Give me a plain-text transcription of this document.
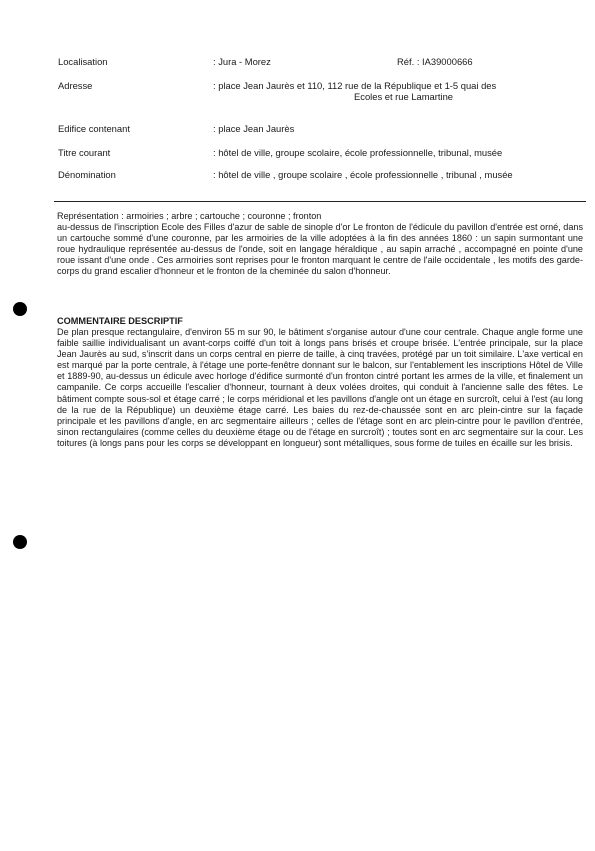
Localisation	: Jura - Morez	Réf. : IA39000666
Adresse	: place Jean Jaurès et 110, 112 rue de la République et 1-5 quai des
Ecoles et rue Lamartine
Edifice contenant	: place Jean Jaurès
Titre courant	: hôtel de ville, groupe scolaire, école professionnelle, tribunal, musée
Dénomination	: hôtel de ville , groupe scolaire , école professionnelle , tribunal , musée

Représentation : armoiries ; arbre ; cartouche ; couronne ; fronton

au-dessus de l'inscription Ecole des Filles d'azur de sable de sinople d'or Le fronton de l'édicule du pavillon d'entrée est orné, dans un cartouche sommé d'une couronne, par les armoiries de la ville adoptées à la fin des années 1860 : un sapin surmontant une roue hydraulique représentée au-dessus de l'onde, soit en langage héraldique , au sapin arraché , accompagné en pointe d'une roue issant d'une onde . Ces armoiries sont reprises pour le fronton marquant le centre de l'aile occidentale , les motifs des garde-corps du grand escalier d'honneur et le fronton de la cheminée du salon d'honneur.

COMMENTAIRE DESCRIPTIF

De plan presque rectangulaire, d'environ 55 m sur 90, le bâtiment s'organise autour d'une cour centrale. Chaque angle forme une faible saillie individualisant un avant-corps coiffé d'un toit à longs pans brisés et croupe brisée. L'entrée principale, sur la place Jean Jaurès au sud, s'inscrit dans un corps central en pierre de taille, à cinq travées, protégé par un toit similaire. L'axe vertical en est marqué par la porte centrale, à l'étage une porte-fenêtre donnant sur le balcon, sur l'entablement les inscriptions Hôtel de Ville et 1889-90, au-dessus un édicule avec horloge d'édifice surmonté d'un fronton cintré portant les armes de la ville, et finalement un campanile. Ce corps accueille l'escalier d'honneur, tournant à deux volées droites, qui conduit à l'ancienne salle des fêtes. Le bâtiment compte sous-sol et étage carré ; le corps méridional et les pavillons d'angle ont un étage en surcroît, celui à l'est (au long de la rue de la République) un deuxième étage carré. Les baies du rez-de-chaussée sont en arc plein-cintre sur la façade principale et les pavillons d'angle, en arc segmentaire ailleurs ; celles de l'étage sont en arc plein-cintre pour le pavillon d'entrée, sinon rectangulaires (comme celles du deuxième étage ou de l'étage en surcroît) ; toutes sont en arc segmentaire sur la cour. Les toitures (à longs pans pour les corps se développant en longueur) sont métalliques, sous forme de tuiles en écaille sur les brisis.
